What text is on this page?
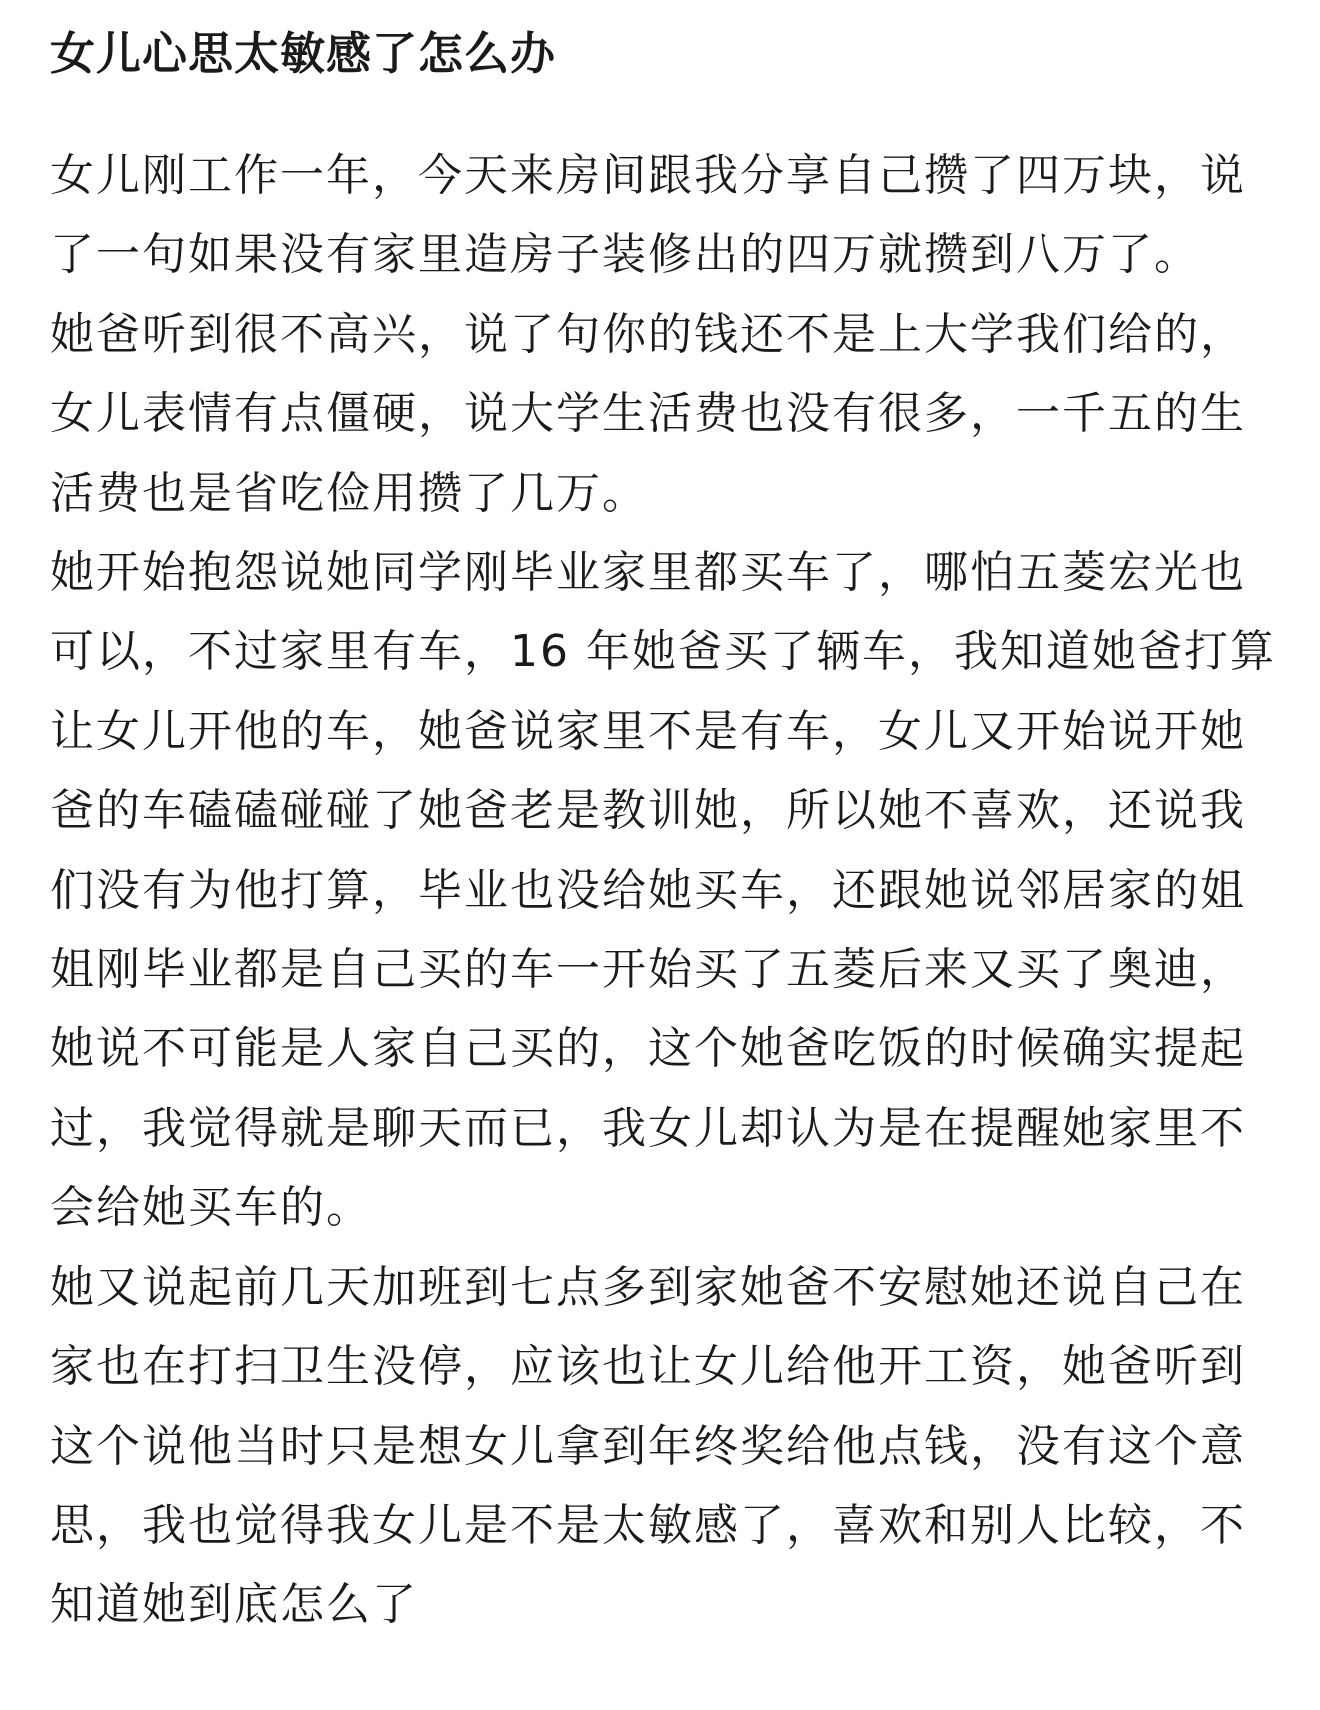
女儿心思太敏感了怎么办

女儿刚工作一年，今天来房间跟我分享自己攒了四万块，说了一句如果没有家里造房子装修出的四万就攒到八万了。

她爸听到很不高兴，说了句你的钱还不是上大学我们给的，女儿表情有点僵硬，说大学生活费也没有很多，一千五的生活费也是省吃俭用攒了几万。

她开始抱怨说她同学刚毕业家里都买车了，哪怕五菱宏光也可以，不过家里有车，16 年她爸买了辆车，我知道她爸打算让女儿开他的车，她爸说家里不是有车，女儿又开始说开她爸的车磕磕碰碰了她爸老是教训她，所以她不喜欢，还说我们没有为他打算，毕业也没给她买车，还跟她说邻居家的姐姐刚毕业都是自己买的车一开始买了五菱后来又买了奥迪，她说不可能是人家自己买的，这个她爸吃饭的时候确实提起过，我觉得就是聊天而已，我女儿却认为是在提醒她家里不会给她买车的。

她又说起前几天加班到七点多到家她爸不安慰她还说自己在家也在打扫卫生没停，应该也让女儿给他开工资，她爸听到这个说他当时只是想女儿拿到年终奖给他点钱，没有这个意思，我也觉得我女儿是不是太敏感了，喜欢和别人比较，不知道她到底怎么了
